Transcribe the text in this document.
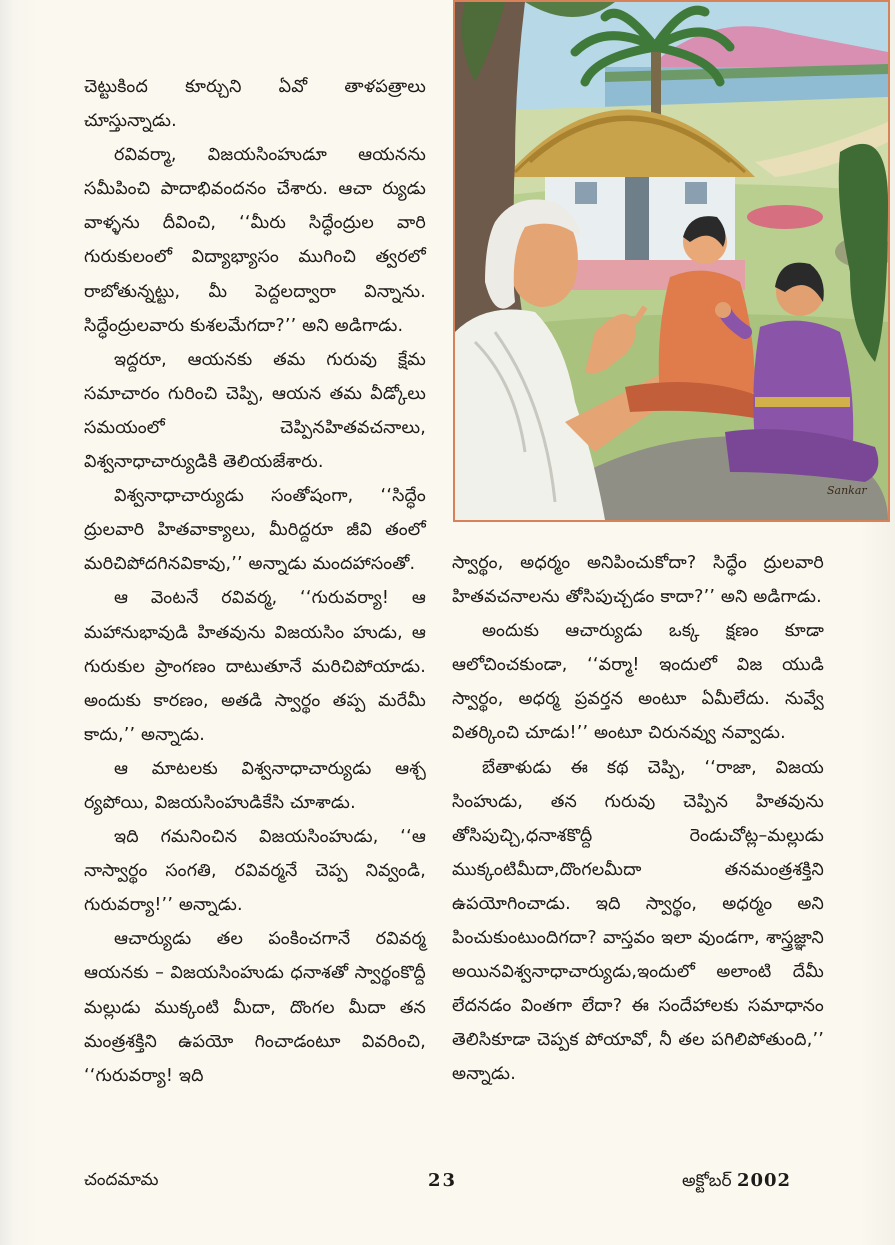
చెట్టుకింద కూర్చుని ఏవో తాళపత్రాలు చూస్తున్నాడు.

రవివర్మా, విజయసింహుడూ ఆయనను సమీపించి పాదాభివందనం చేశారు. ఆచా ర్యుడు వాళ్ళను దీవించి, ‘‘మీరు సిద్ధేంద్రుల వారి గురుకులంలో విద్యాభ్యాసం ముగించి త్వరలో రాబోతున్నట్టు, మీ పెద్దలద్వారా విన్నాను. సిద్ధేంద్రులవారు కుశలమేగదా?’’ అని అడిగాడు.

ఇద్దరూ, ఆయనకు తమ గురువు క్షేమ సమాచారం గురించి చెప్పి, ఆయన తమ వీడ్కోలు సమయంలో చెప్పినహితవచనాలు, విశ్వనాధాచార్యుడికి తెలియజేశారు.

విశ్వనాధాచార్యుడు సంతోషంగా, ‘‘సిద్ధేం ద్రులవారి హితవాక్యాలు, మీరిద్దరూ జీవి తంలో మరిచిపోదగినవికావు,’’ అన్నాడు మందహాసంతో.

ఆ వెంటనే రవివర్మ, ‘‘గురువర్యా! ఆ మహానుభావుడి హితవును విజయసిం హుడు, ఆ గురుకుల ప్రాంగణం దాటుతూనే మరిచిపోయాడు. అందుకు కారణం, అతడి స్వార్థం తప్ప మరేమీ కాదు,’’ అన్నాడు.

ఆ మాటలకు విశ్వనాధాచార్యుడు ఆశ్చ ర్యపోయి, విజయసింహుడికేసి చూశాడు.

ఇది గమనించిన విజయసింహుడు, ‘‘ఆ నాస్వార్థం సంగతి, రవివర్మనే చెప్ప నివ్వండి, గురువర్యా!’’ అన్నాడు.

ఆచార్యుడు తల పంకించగానే రవివర్మ ఆయనకు – విజయసింహుడు ధనాశతో స్వార్థంకొద్దీ మల్లుడు ముక్కంటి మీదా, దొంగల మీదా తన మంత్రశక్తిని ఉపయో గించాడంటూ వివరించి, ‘‘గురువర్యా! ఇది

Sankar

స్వార్థం, అధర్మం అనిపించుకోదా? సిద్ధేం ద్రులవారి హితవచనాలను తోసిపుచ్చడం కాదా?’’ అని అడిగాడు.

అందుకు ఆచార్యుడు ఒక్క క్షణం కూడా ఆలోచించకుండా, ‘‘వర్మా! ఇందులో విజ యుడి స్వార్థం, అధర్మ ప్రవర్తన అంటూ ఏమీలేదు. నువ్వే వితర్కించి చూడు!’’ అంటూ చిరునవ్వు నవ్వాడు.

బేతాళుడు ఈ కథ చెప్పి, ‘‘రాజా, విజయ సింహుడు, తన గురువు చెప్పిన హితవును తోసిపుచ్చి,ధనాశకొద్దీ రెండుచోట్ల–మల్లుడు ముక్కంటిమీదా,దొంగలమీదా తనమంత్రశక్తిని ఉపయోగించాడు. ఇది స్వార్థం, అధర్మం అని పించుకుంటుందిగదా? వాస్తవం ఇలా వుండగా, శాస్త్రజ్ఞాని అయినవిశ్వనాధాచార్యుడు,ఇందులో అలాంటి దేమీ లేదనడం వింతగా లేదా? ఈ సందేహాలకు సమాధానం తెలిసికూడా చెప్పక పోయావో, నీ తల పగిలిపోతుంది,’’ అన్నాడు.

చందమామ	23	అక్టోబర్ 2002
